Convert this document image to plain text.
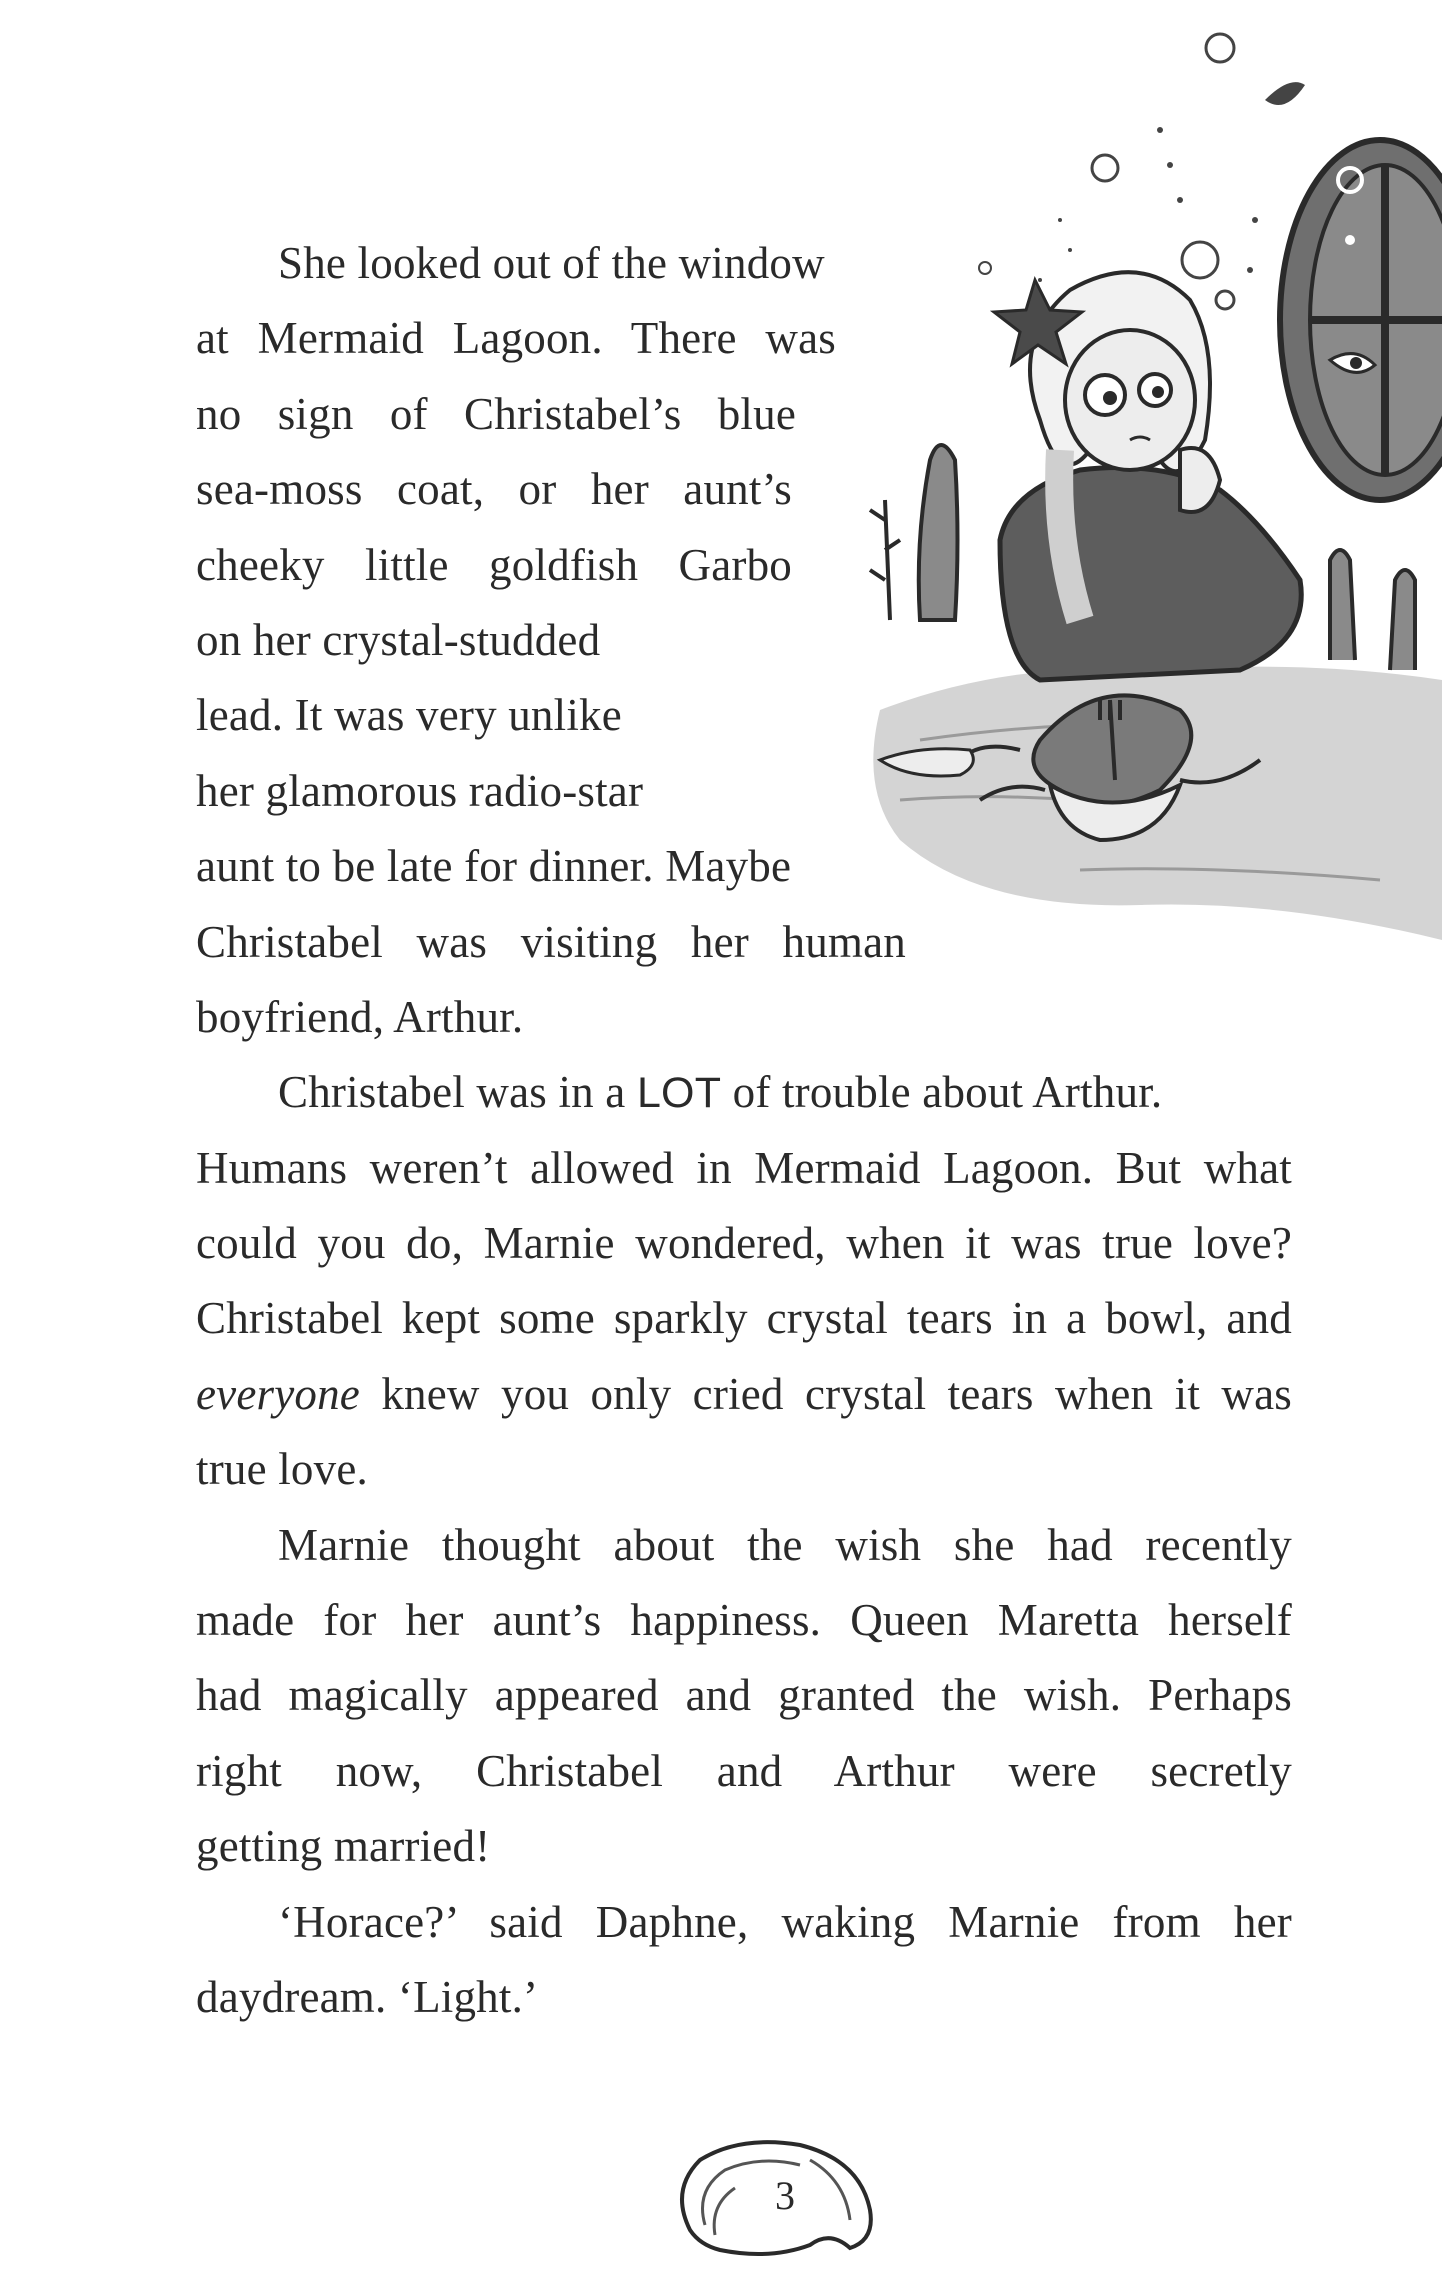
She looked out of the window
at Mermaid Lagoon. There was
no sign of Christabel’s blue
sea-moss coat, or her aunt’s
cheeky little goldfish Garbo
on her crystal-studded
lead. It was very unlike
her glamorous radio-star
aunt to be late for dinner. Maybe
Christabel was visiting her human
boyfriend, Arthur.
Christabel was in a LOT of trouble about Arthur.
Humans weren’t allowed in Mermaid Lagoon. But what
could you do, Marnie wondered, when it was true love?
Christabel kept some sparkly crystal tears in a bowl, and
everyone knew you only cried crystal tears when it was
true love.
Marnie thought about the wish she had recently
made for her aunt’s happiness. Queen Maretta herself
had magically appeared and granted the wish. Perhaps
right now, Christabel and Arthur were secretly
getting married!
‘Horace?’ said Daphne, waking Marnie from her
daydream. ‘Light.’
3
